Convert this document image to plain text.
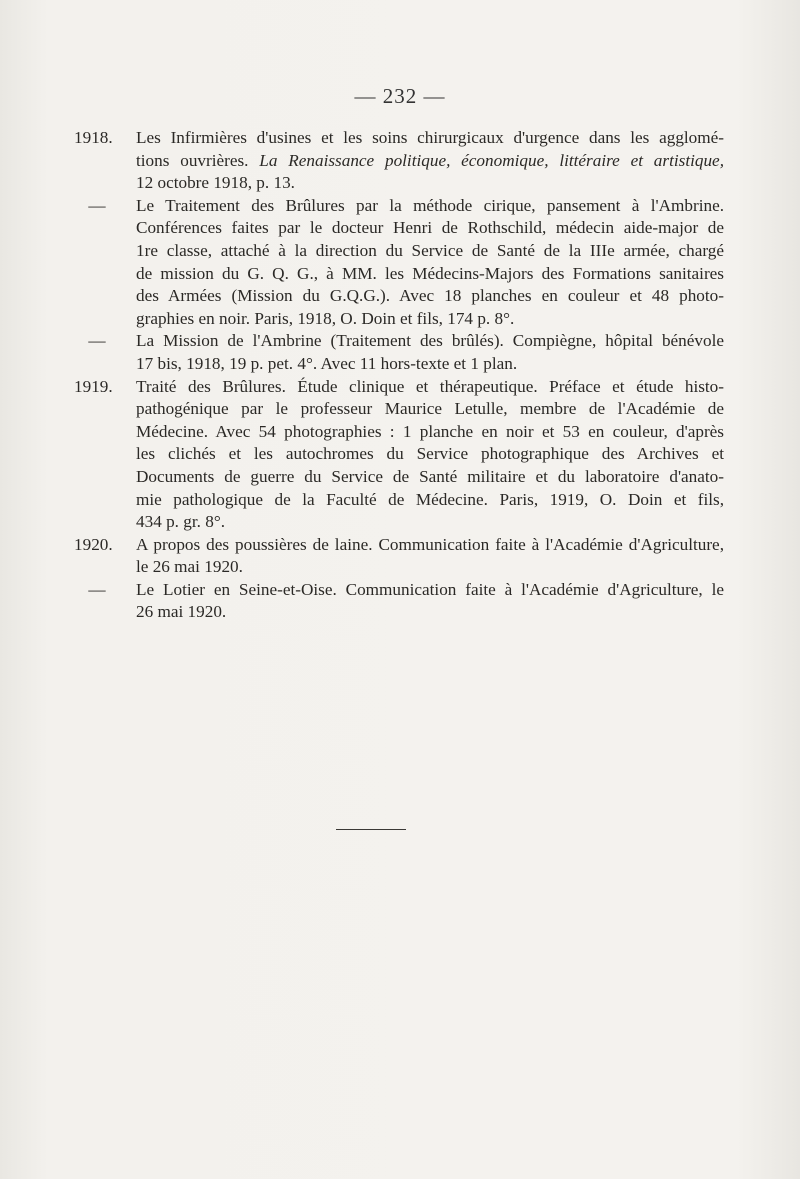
— 232 —
1918.	Les Infirmières d'usines et les soins chirurgicaux d'urgence dans les agglomé-
tions ouvrières. La Renaissance politique, économique, littéraire et artistique,
12 octobre 1918, p. 13.
—	Le Traitement des Brûlures par la méthode cirique, pansement à l'Ambrine.
Conférences faites par le docteur Henri de Rothschild, médecin aide-major de
1re classe, attaché à la direction du Service de Santé de la IIIe armée, chargé
de mission du G. Q. G., à MM. les Médecins-Majors des Formations sanitaires
des Armées (Mission du G.Q.G.). Avec 18 planches en couleur et 48 photo-
graphies en noir. Paris, 1918, O. Doin et fils, 174 p. 8°.
—	La Mission de l'Ambrine (Traitement des brûlés). Compiègne, hôpital bénévole
17 bis, 1918, 19 p. pet. 4°. Avec 11 hors-texte et 1 plan.
1919.	Traité des Brûlures. Étude clinique et thérapeutique. Préface et étude histo-
pathogénique par le professeur Maurice Letulle, membre de l'Académie de
Médecine. Avec 54 photographies : 1 planche en noir et 53 en couleur, d'après
les clichés et les autochromes du Service photographique des Archives et
Documents de guerre du Service de Santé militaire et du laboratoire d'anato-
mie pathologique de la Faculté de Médecine. Paris, 1919, O. Doin et fils,
434 p. gr. 8°.
1920.	A propos des poussières de laine. Communication faite à l'Académie d'Agriculture,
le 26 mai 1920.
—	Le Lotier en Seine-et-Oise. Communication faite à l'Académie d'Agriculture, le
26 mai 1920.
